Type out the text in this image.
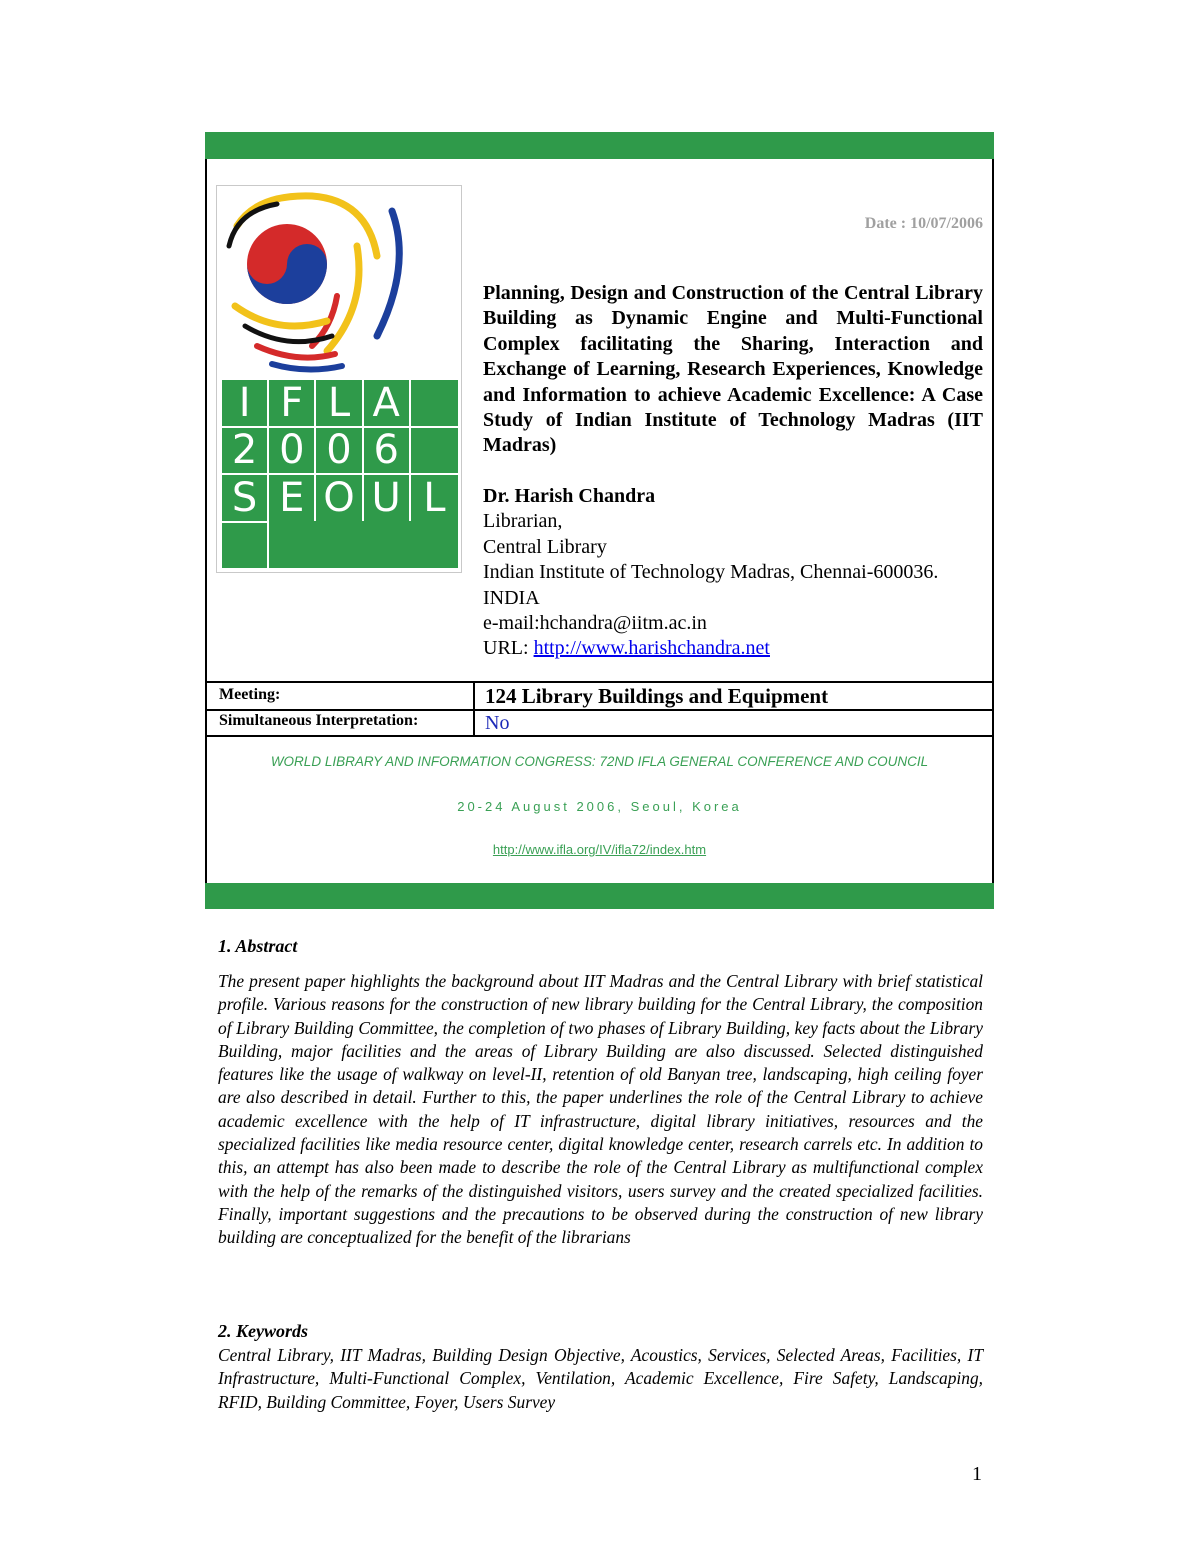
I F L A
2 0 0 6
S E O U L
Date : 10/07/2006

Planning, Design and Construction of the Central Library Building as Dynamic Engine and Multi-Functional Complex facilitating the Sharing, Interaction and Exchange of Learning, Research Experiences, Knowledge and Information to achieve Academic Excellence: A Case Study of Indian Institute of Technology Madras (IIT Madras)

Dr. Harish Chandra
Librarian,
Central Library
Indian Institute of Technology Madras, Chennai-600036. INDIA
e-mail:hchandra@iitm.ac.in
URL: http://www.harishchandra.net
Meeting:	124 Library Buildings and Equipment
Simultaneous Interpretation:	No
WORLD LIBRARY AND INFORMATION CONGRESS: 72ND IFLA GENERAL CONFERENCE AND COUNCIL
20-24 August 2006, Seoul, Korea
http://www.ifla.org/IV/ifla72/index.htm
1. Abstract

The present paper highlights the background about IIT Madras and the Central Library with brief statistical profile. Various reasons for the construction of new library building for the Central Library, the composition of Library Building Committee, the completion of two phases of Library Building, key facts about the Library Building, major facilities and the areas of Library Building are also discussed. Selected distinguished features like the usage of walkway on level-II, retention of old Banyan tree, landscaping, high ceiling foyer are also described in detail. Further to this, the paper underlines the role of the Central Library to achieve academic excellence with the help of IT infrastructure, digital library initiatives, resources and the specialized facilities like media resource center, digital knowledge center, research carrels etc. In addition to this, an attempt has also been made to describe the role of the Central Library as multifunctional complex with the help of the remarks of the distinguished visitors, users survey and the created specialized facilities. Finally, important suggestions and the precautions to be observed during the construction of new library building are conceptualized for the benefit of the librarians

2. Keywords

Central Library, IIT Madras, Building Design Objective, Acoustics, Services, Selected Areas, Facilities, IT Infrastructure, Multi-Functional Complex, Ventilation, Academic Excellence, Fire Safety, Landscaping, RFID, Building Committee, Foyer, Users Survey

1
